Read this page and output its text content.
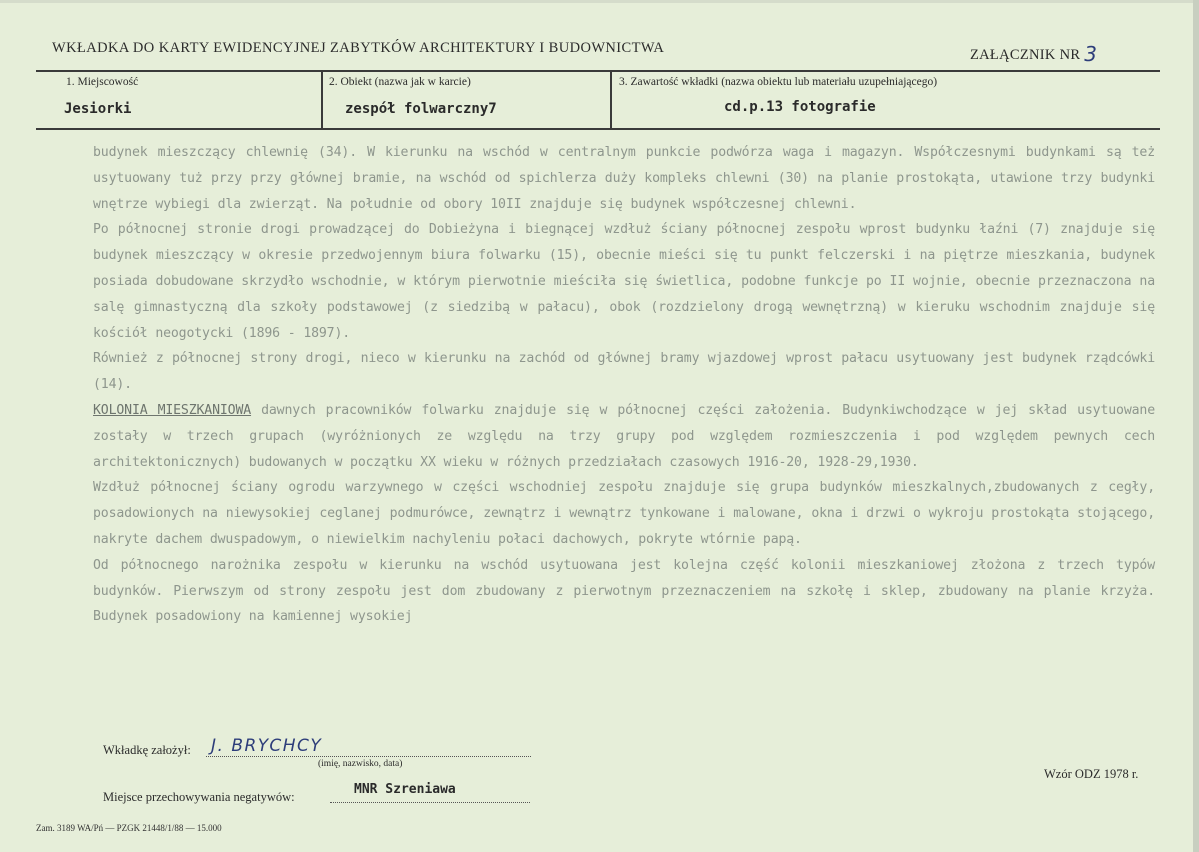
WKŁADKA DO KARTY EWIDENCYJNEJ ZABYTKÓW ARCHITEKTURY I BUDOWNICTWA	ZAŁĄCZNIK NR 3
1. Miejscowość
Jesiorki
2. Obiekt (nazwa jak w karcie)
zespół folwarczny7
3. Zawartość wkładki (nazwa obiektu lub materiału uzupełniającego)
cd.p.13 fotografie

budynek mieszczący chlewnię (34). W kierunku na wschód w centralnym punkcie podwórza waga i magazyn. Współczesnymi budynkami są też usytuowany tuż przy przy głównej bramie, na wschód od spichlerza duży kompleks chlewni (30) na planie prostokąta, utawione trzy budynki wnętrze wybiegi dla zwierząt. Na południe od obory 10II znajduje się budynek współczesnej chlewni.

Po północnej stronie drogi prowadzącej do Dobieżyna i biegnącej wzdłuż ściany północnej zespołu wprost budynku łaźni (7) znajduje się budynek mieszczący w okresie przedwojennym biura folwarku (15), obecnie mieści się tu punkt felczerski i na piętrze mieszkania, budynek posiada dobudowane skrzydło wschodnie, w którym pierwotnie mieściła się świetlica, podobne funkcje po II wojnie, obecnie przeznaczona na salę gimnastyczną dla szkoły podstawowej (z siedzibą w pałacu), obok (rozdzielony drogą wewnętrzną) w kieruku wschodnim znajduje się kościół neogotycki (1896 - 1897).

Również z północnej strony drogi, nieco w kierunku na zachód od głównej bramy wjazdowej wprost pałacu usytuowany jest budynek rządcówki (14).

KOLONIA MIESZKANIOWA dawnych pracowników folwarku znajduje się w północnej części założenia. Budynkiwchodzące w jej skład usytuowane zostały w trzech grupach (wyróżnionych ze względu na trzy grupy pod względem rozmieszczenia i pod względem pewnych cech architektonicznych) budowanych w początku XX wieku w różnych przedziałach czasowych 1916-20, 1928-29,1930.

Wzdłuż północnej ściany ogrodu warzywnego w części wschodniej zespołu znajduje się grupa budynków mieszkalnych,zbudowanych z cegły, posadowionych na niewysokiej ceglanej podmurówce, zewnątrz i wewnątrz tynkowane i malowane, okna i drzwi o wykroju prostokąta stojącego, nakryte dachem dwuspadowym, o niewielkim nachyleniu połaci dachowych, pokryte wtórnie papą.

Od północnego narożnika zespołu w kierunku na wschód usytuowana jest kolejna część kolonii mieszkaniowej złożona z trzech typów budynków. Pierwszym od strony zespołu jest dom zbudowany z pierwotnym przeznaczeniem na szkołę i sklep, zbudowany na planie krzyża. Budynek posadowiony na kamiennej wysokiej

Wkładkę założył: J. BRYCHCY
(imię, nazwisko, data)
Wzór ODZ 1978 r.
Miejsce przechowywania negatywów:	MNR Szreniawa
Zam. 3189 WA/Pń — PZGK 21448/1/88 — 15.000
